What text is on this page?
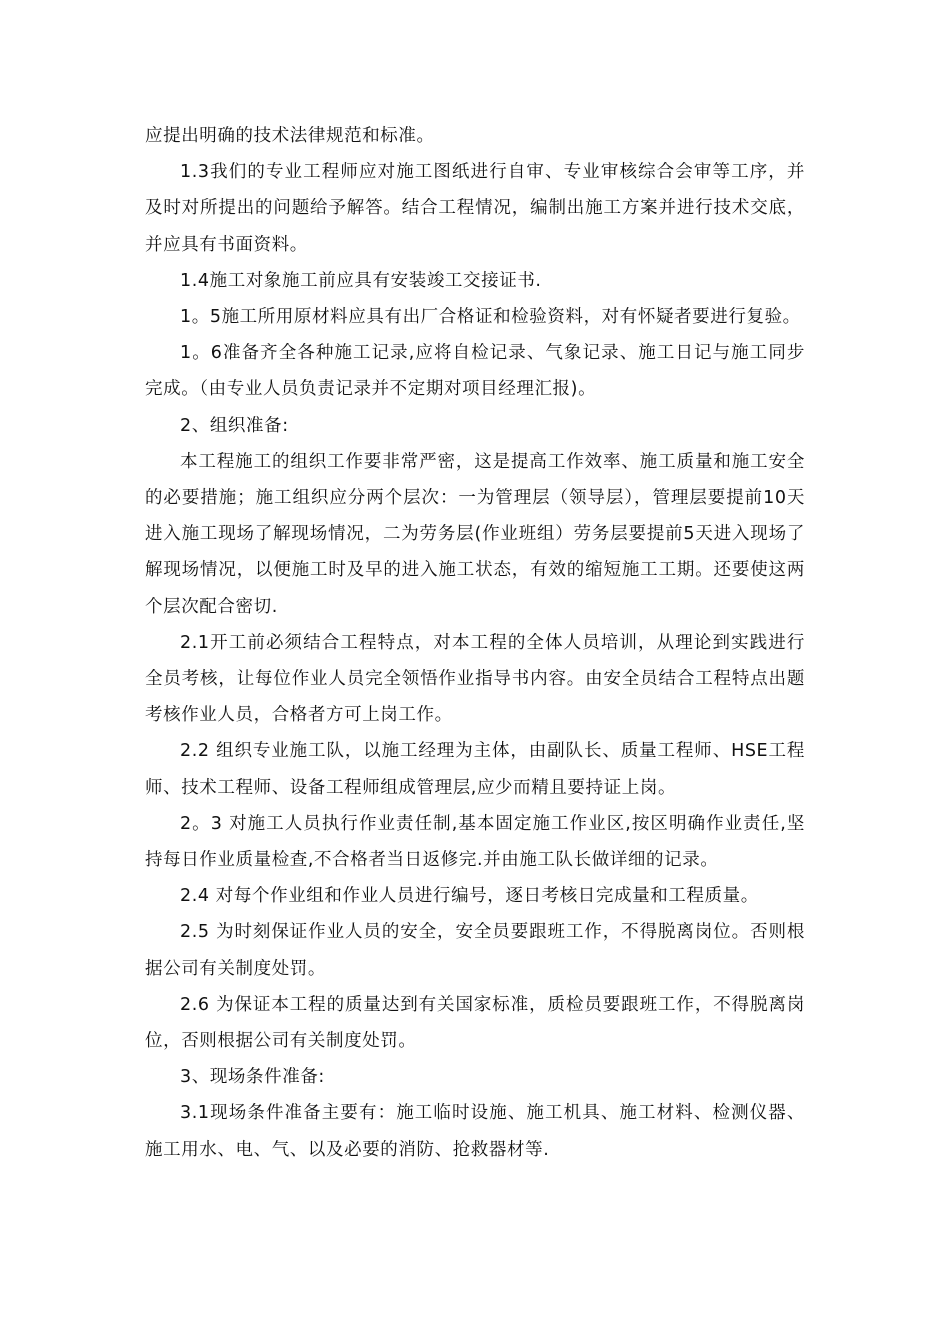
应提出明确的技术法律规范和标准。

1.3我们的专业工程师应对施工图纸进行自审、专业审核综合会审等工序，并及时对所提出的问题给予解答。结合工程情况，编制出施工方案并进行技术交底，并应具有书面资料。

1.4施工对象施工前应具有安装竣工交接证书.

1。5施工所用原材料应具有出厂合格证和检验资料，对有怀疑者要进行复验。

1。6准备齐全各种施工记录,应将自检记录、气象记录、施工日记与施工同步完成。（由专业人员负责记录并不定期对项目经理汇报)。

2、组织准备:

本工程施工的组织工作要非常严密，这是提高工作效率、施工质量和施工安全的必要措施；施工组织应分两个层次：一为管理层（领导层），管理层要提前10天进入施工现场了解现场情况，二为劳务层(作业班组）劳务层要提前5天进入现场了解现场情况，以便施工时及早的进入施工状态，有效的缩短施工工期。还要使这两个层次配合密切.

2.1开工前必须结合工程特点，对本工程的全体人员培训，从理论到实践进行全员考核，让每位作业人员完全领悟作业指导书内容。由安全员结合工程特点出题考核作业人员，合格者方可上岗工作。

2.2 组织专业施工队，以施工经理为主体，由副队长、质量工程师、HSE工程师、技术工程师、设备工程师组成管理层,应少而精且要持证上岗。

2。3 对施工人员执行作业责任制,基本固定施工作业区,按区明确作业责任,坚持每日作业质量检查,不合格者当日返修完.并由施工队长做详细的记录。

2.4 对每个作业组和作业人员进行编号，逐日考核日完成量和工程质量。

2.5 为时刻保证作业人员的安全，安全员要跟班工作，不得脱离岗位。否则根据公司有关制度处罚。

2.6 为保证本工程的质量达到有关国家标准，质检员要跟班工作，不得脱离岗位，否则根据公司有关制度处罚。

3、现场条件准备:

3.1现场条件准备主要有：施工临时设施、施工机具、施工材料、检测仪器、施工用水、电、气、以及必要的消防、抢救器材等.
